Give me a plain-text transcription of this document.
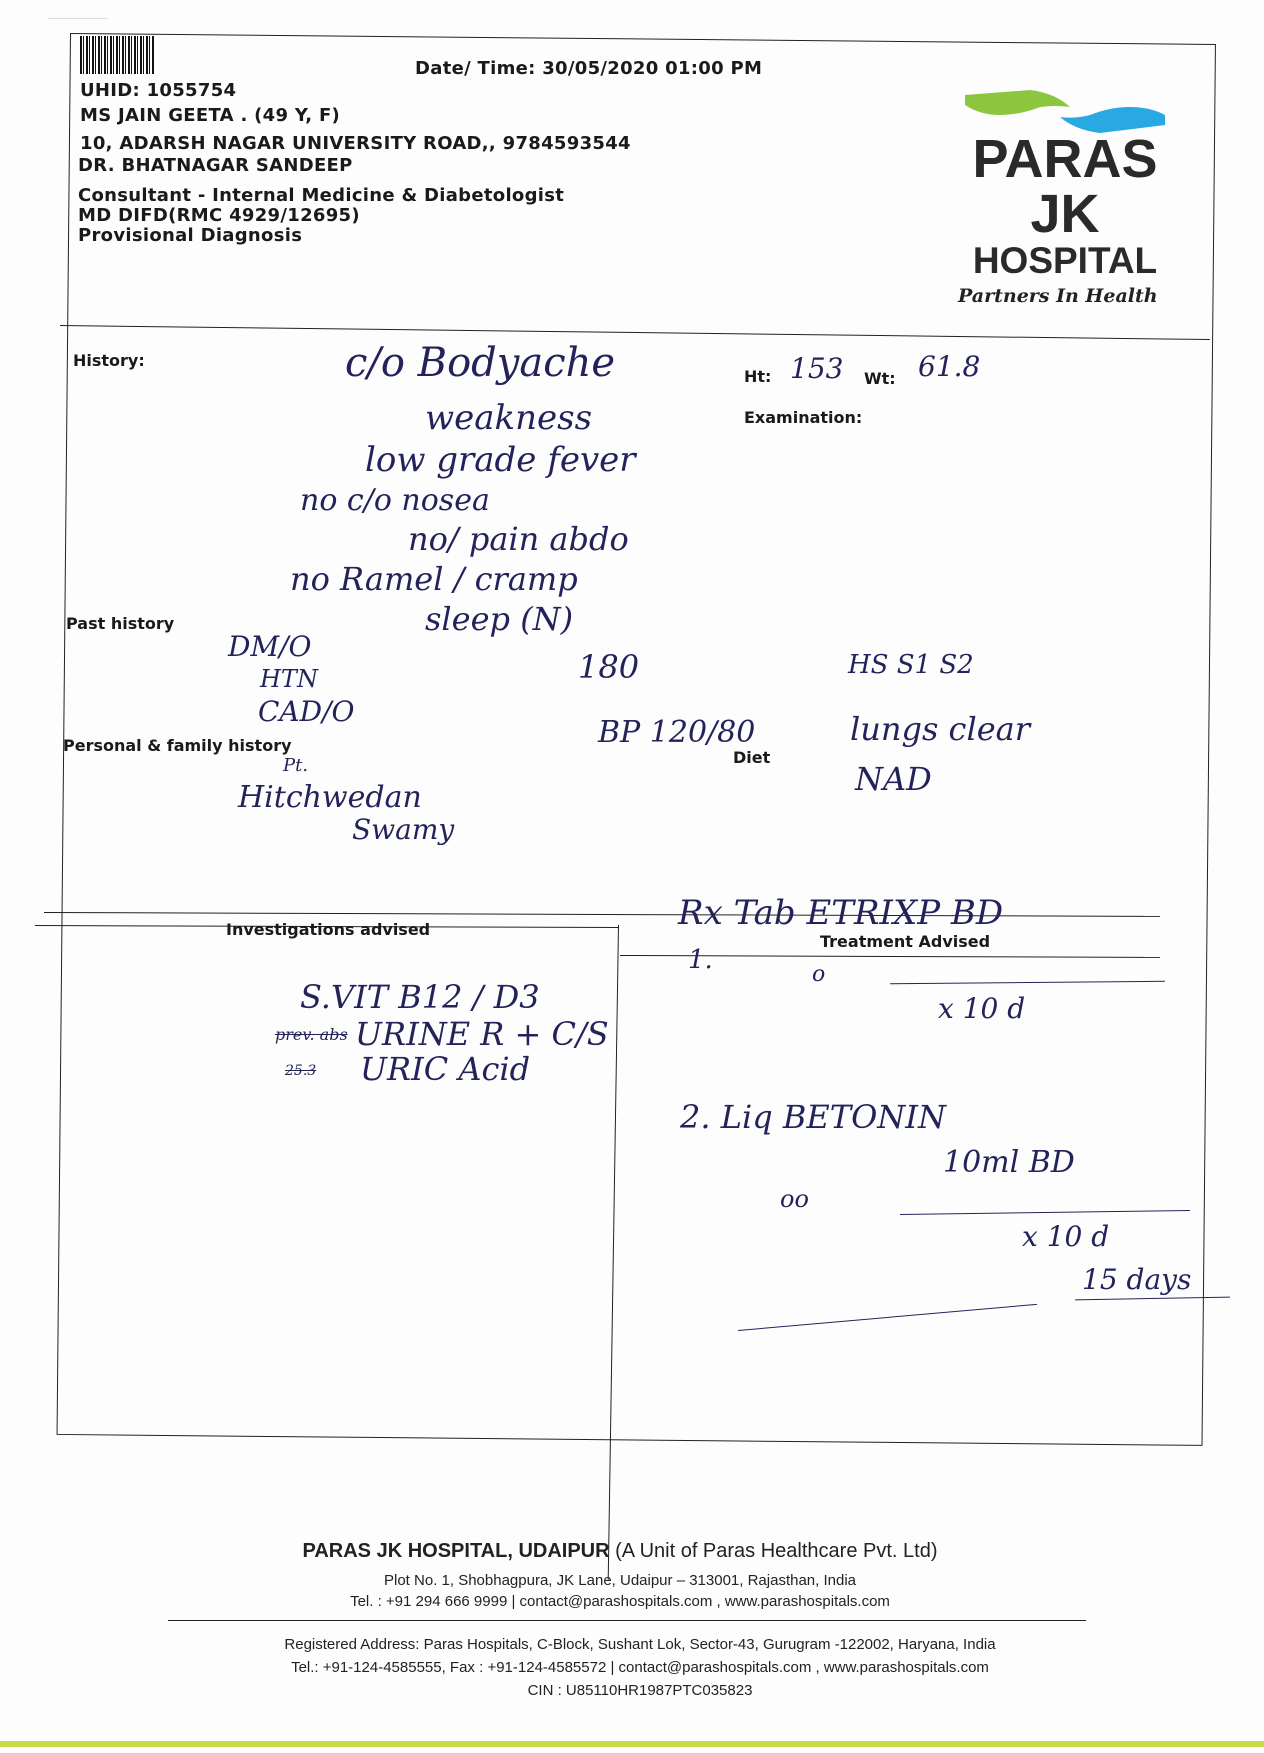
Date/ Time: 30/05/2020 01:00 PM
UHID: 1055754
MS JAIN GEETA . (49 Y, F)
10, ADARSH NAGAR UNIVERSITY ROAD,, 9784593544
DR. BHATNAGAR SANDEEP
Consultant - Internal Medicine & Diabetologist
MD DIFD(RMC 4929/12695)
Provisional Diagnosis
PARAS
JK
HOSPITAL
Partners In Health
History:
Ht:	Wt:
Examination:
Past history
Personal & family history
Diet
Investigations advised
Treatment Advised
153	61.8
c/o Bodyache
weakness
low grade fever
no c/o nosea
no/ pain abdo
no Ramel / cramp
sleep (N)
DM/O
HTN
CAD/O
180
BP 120/80
HS S1 S2
lungs clear
NAD
Pt.
Hitchwedan
Swamy
S.VIT B12 / D3
prev. abs URINE R + C/S
25.3 URIC Acid
Rx Tab ETRIXP BD
1.	o
x 10 d
2. Liq BETONIN
10ml BD
oo
x 10 d
15 days
PARAS JK HOSPITAL, UDAIPUR (A Unit of Paras Healthcare Pvt. Ltd)
Plot No. 1, Shobhagpura, JK Lane, Udaipur – 313001, Rajasthan, India
Tel. : +91 294 666 9999 | contact@parashospitals.com , www.parashospitals.com
Registered Address: Paras Hospitals, C-Block, Sushant Lok, Sector-43, Gurugram -122002, Haryana, India
Tel.: +91-124-4585555, Fax : +91-124-4585572 | contact@parashospitals.com , www.parashospitals.com
CIN : U85110HR1987PTC035823
